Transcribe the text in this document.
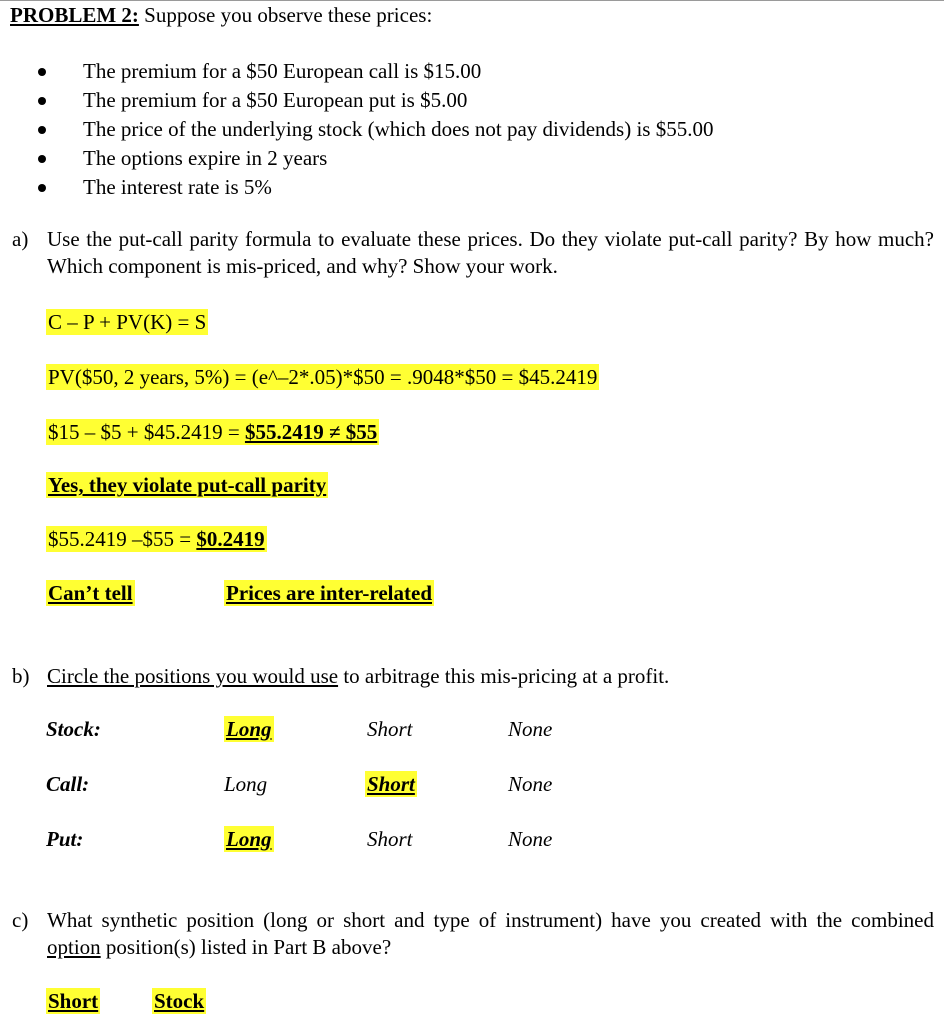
PROBLEM 2: Suppose you observe these prices:
The premium for a $50 European call is $15.00
The premium for a $50 European put is $5.00
The price of the underlying stock (which does not pay dividends) is $55.00
The options expire in 2 years
The interest rate is 5%
a) Use the put-call parity formula to evaluate these prices. Do they violate put-call parity? By how much? Which component is mis-priced, and why? Show your work.
C – P + PV(K) = S
PV($50, 2 years, 5%) = (e^–2*.05)*$50 = .9048*$50 = $45.2419
$15 – $5 + $45.2419 = $55.2419 ≠ $55
Yes, they violate put-call parity
$55.2419 –$55 = $0.2419
Can’t tell	Prices are inter-related
b) Circle the positions you would use to arbitrage this mis-pricing at a profit.
Stock:	Long	Short	None
Call:	Long	Short	None
Put:	Long	Short	None
c) What synthetic position (long or short and type of instrument) have you created with the combined option position(s) listed in Part B above?
Short	Stock
